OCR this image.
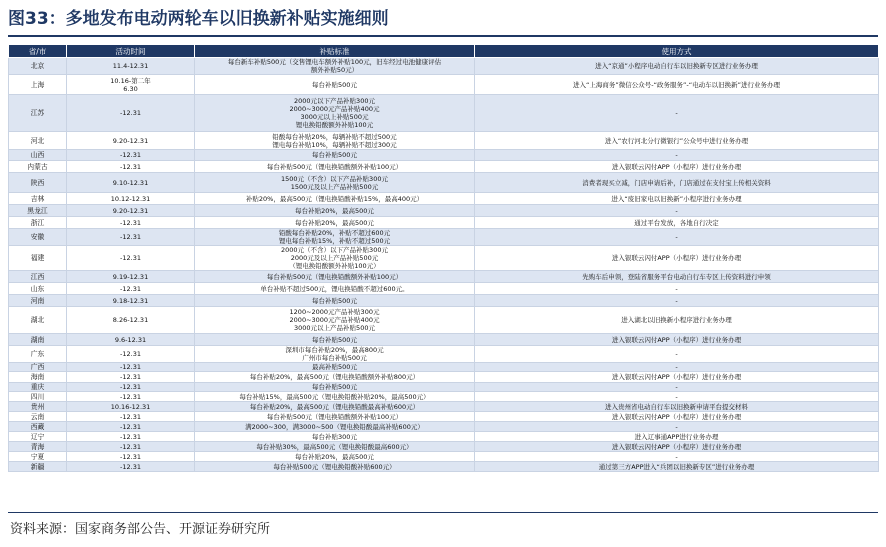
图33：多地发布电动两轮车以旧换新补贴实施细则
省/市	活动时间	补贴标准	使用方式
北京	11.4-12.31	每台新车补贴500元（交售锂电车额外补贴100元，旧车经过电池健康评估
额外补贴50元）	进入“京通”小程序电动自行车以旧换新专区进行业务办理

上海	10.16-第二年
6.30	每台补贴500元	进入“上海商务”微信公众号-“政务服务”-“电动车以旧换新”进行业务办理

江苏	-12.31	2000元以下产品补贴300元
2000~3000元产品补贴400元
3000元以上补贴500元
锂电换铅酸额外补贴100元	-

河北	9.20-12.31	铅酸每台补贴20%，每辆补贴不超过500元
锂电每台补贴10%，每辆补贴不超过300元	进入“农行河北分行微银行”公众号中进行业务办理

山西	-12.31	每台补贴500元	-

内蒙古	-12.31	每台补贴500元（锂电换铅酸额外补贴100元）	进入银联云闪付APP（小程序）进行业务办理

陕西	9.10-12.31	1500元（不含）以下产品补贴300元
1500元及以上产品补贴500元	消费者现买立减，门店申请后补，门店通过在支付宝上传相关资料

吉林	10.12-12.31	补贴20%，最高500元（锂电换铅酸补贴15%，最高400元）	进入“废旧家电以旧换新”小程序进行业务办理

黑龙江	9.20-12.31	每台补贴20%，最高500元	-

浙江	-12.31	每台补贴20%，最高500元	通过平台发放，各地自行决定

安徽	-12.31	铅酸每台补贴20%，补贴不超过600元
锂电每台补贴15%，补贴不超过500元	-

福建	-12.31	2000元（不含）以下产品补贴300元
2000元及以上产品补贴500元
（锂电换铅酸额外补贴100元）	进入银联云闪付APP（小程序）进行业务办理

江西	9.19-12.31	每台补贴500元（锂电换铅酸额外补贴100元）	先购车后申领，登陆省服务平台电动自行车专区上传资料进行申领

山东	-12.31	单台补贴不超过500元，锂电换铅酸不超过600元。	-

河南	9.18-12.31	每台补贴500元	-

湖北	8.26-12.31	1200~2000元产品补贴300元
2000~3000元产品补贴400元
3000元以上产品补贴500元	进入湖北以旧换新小程序进行业务办理

湖南	9.6-12.31	每台补贴500元	进入银联云闪付APP（小程序）进行业务办理

广东	-12.31	深圳市每台补贴20%，最高800元
广州市每台补贴500元	-

广西	-12.31	最高补贴500元	-

海南	-12.31	每台补贴20%，最高500元（锂电换铅酸额外补贴800元）	进入银联云闪付APP（小程序）进行业务办理

重庆	-12.31	每台补贴500元	-

四川	-12.31	每台补贴15%，最高500元（锂电换铅酸补贴20%，最高500元）	-

贵州	10.16-12.31	每台补贴20%，最高500元（锂电换铅酸最高补贴600元）	进入贵州省电动自行车以旧换新申请平台提交材料

云南	-12.31	每台补贴500元（锂电换铅酸额外补贴100元）	进入银联云闪付APP（小程序）进行业务办理

西藏	-12.31	满2000~300，满3000~500（锂电换铅酸最高补贴600元）	-

辽宁	-12.31	每台补贴300元	进入辽事通APP进行业务办理

青海	-12.31	每台补贴30%，最高500元（锂电换铅酸最高600元）	进入银联云闪付APP（小程序）进行业务办理

宁夏	-12.31	每台补贴20%，最高500元	-

新疆	-12.31	每台补贴500元（锂电换铅酸补贴600元）	通过第三方APP进入“兵团以旧换新专区”进行业务办理
资料来源：国家商务部公告、开源证券研究所
